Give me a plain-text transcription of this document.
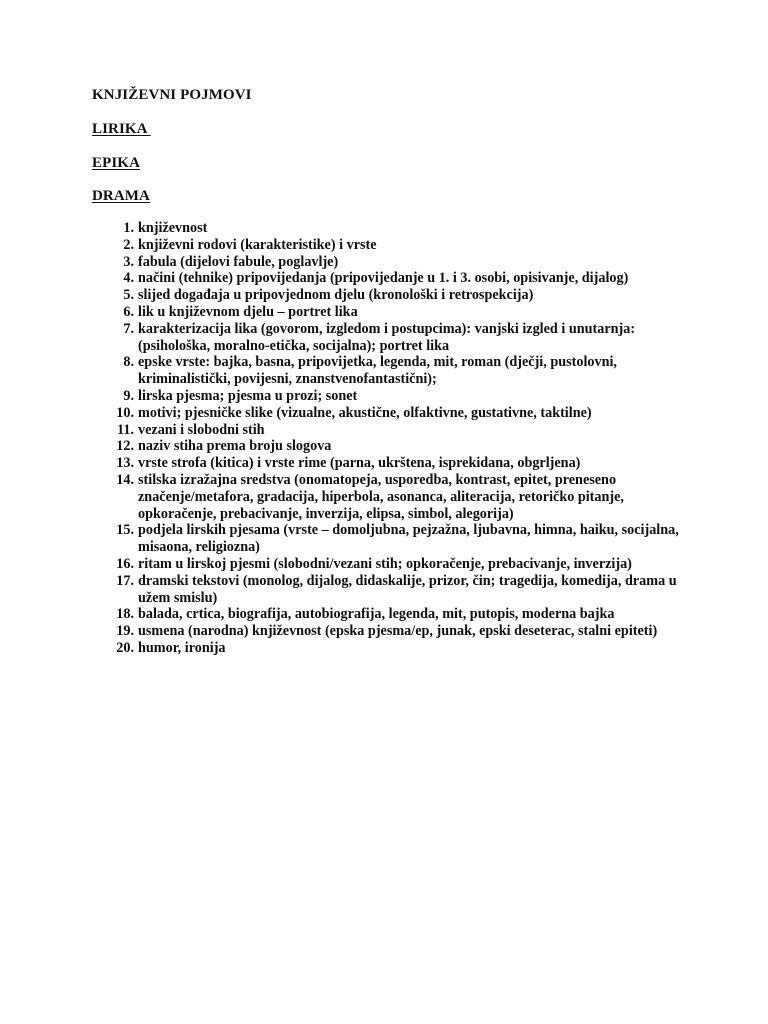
KNJIŽEVNI POJMOVI
LIRIKA
EPIKA
DRAMA
1. književnost
2. književni rodovi (karakteristike) i vrste
3. fabula (dijelovi fabule, poglavlje)
4. načini (tehnike) pripovijedanja (pripovijedanje u 1. i 3. osobi, opisivanje, dijalog)
5. slijed događaja u pripovjednom djelu (kronološki i retrospekcija)
6. lik u književnom djelu – portret lika
7. karakterizacija lika (govorom, izgledom i postupcima): vanjski izgled i unutarnja: (psihološka, moralno-etička, socijalna); portret lika
8. epske vrste: bajka, basna, pripovijetka, legenda, mit, roman (dječji, pustolovni, kriminalistički, povijesni, znanstvenofantastični);
9. lirska pjesma; pjesma u prozi; sonet
10. motivi; pjesničke slike (vizualne, akustične, olfaktivne, gustativne, taktilne)
11. vezani i slobodni stih
12. naziv stiha prema broju slogova
13. vrste strofa (kitica) i vrste rime (parna, ukrštena, isprekidana, obgrljena)
14. stilska izražajna sredstva (onomatopeja, usporedba, kontrast, epitet, preneseno značenje/metafora, gradacija, hiperbola, asonanca, aliteracija, retoričko pitanje, opkoračenje, prebacivanje, inverzija, elipsa, simbol, alegorija)
15. podjela lirskih pjesama (vrste – domoljubna, pejzažna, ljubavna, himna, haiku, socijalna, misaona, religiozna)
16. ritam u lirskoj pjesmi (slobodni/vezani stih; opkoračenje, prebacivanje, inverzija)
17. dramski tekstovi (monolog, dijalog, didaskalije, prizor, čin; tragedija, komedija, drama u užem smislu)
18. balada, crtica, biografija, autobiografija, legenda, mit, putopis, moderna bajka
19. usmena (narodna) književnost (epska pjesma/ep, junak, epski deseterac, stalni epiteti)
20. humor, ironija
